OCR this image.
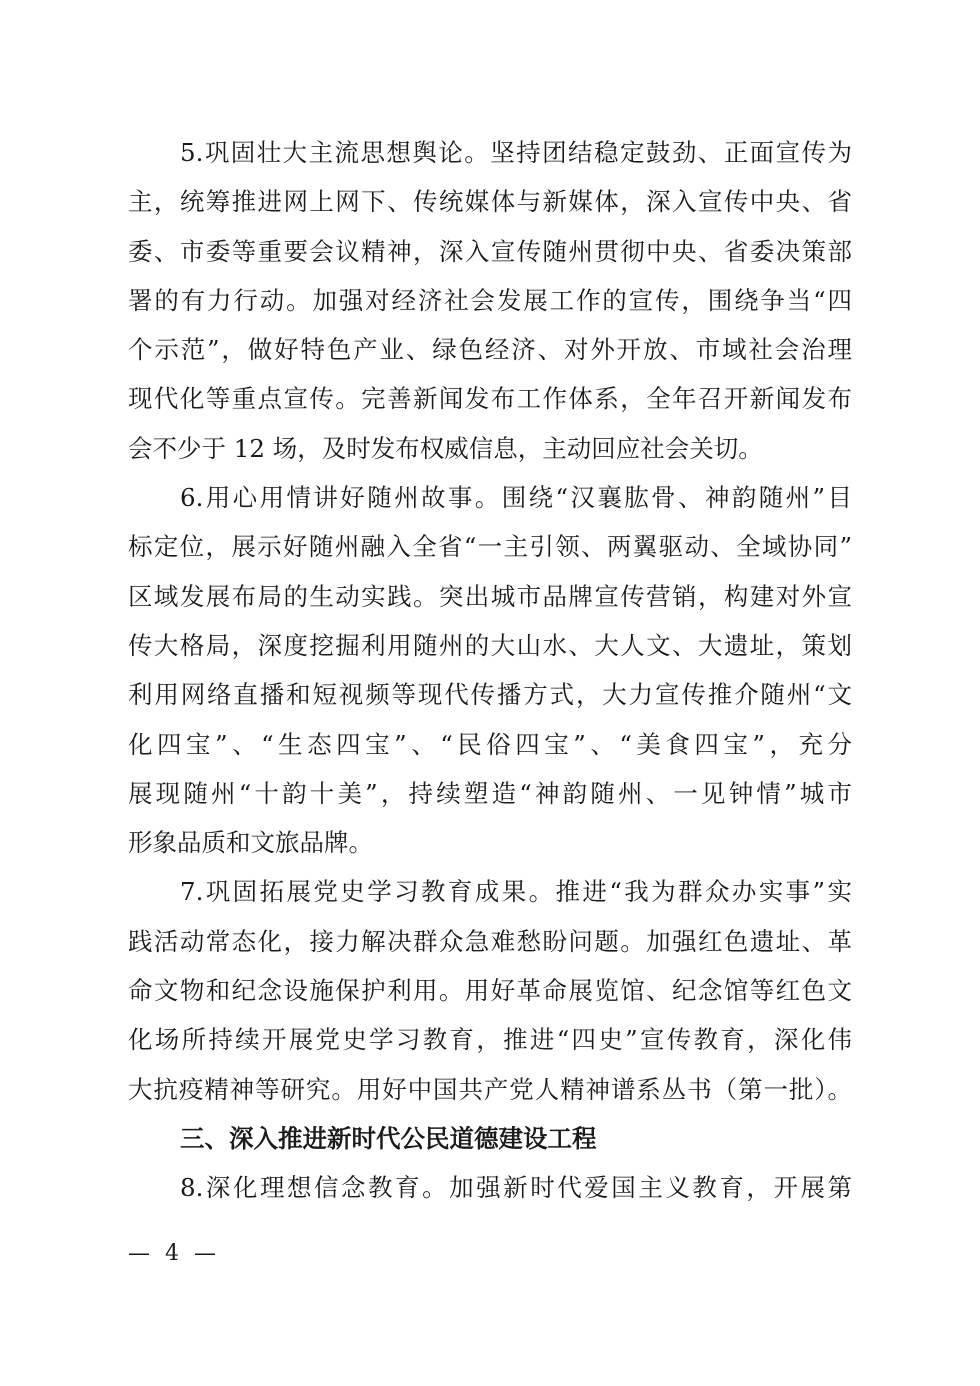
5.巩固壮大主流思想舆论。坚持团结稳定鼓劲、正面宣传为
主，统筹推进网上网下、传统媒体与新媒体，深入宣传中央、省
委、市委等重要会议精神，深入宣传随州贯彻中央、省委决策部
署的有力行动。加强对经济社会发展工作的宣传，围绕争当“四
个示范”，做好特色产业、绿色经济、对外开放、市域社会治理
现代化等重点宣传。完善新闻发布工作体系，全年召开新闻发布
会不少于 12 场，及时发布权威信息，主动回应社会关切。
6.用心用情讲好随州故事。围绕“汉襄肱骨、神韵随州”目
标定位，展示好随州融入全省“一主引领、两翼驱动、全域协同”
区域发展布局的生动实践。突出城市品牌宣传营销，构建对外宣
传大格局，深度挖掘利用随州的大山水、大人文、大遗址，策划
利用网络直播和短视频等现代传播方式，大力宣传推介随州“文
化四宝”、“生态四宝”、“民俗四宝”、“美食四宝”，充分
展现随州“十韵十美”，持续塑造“神韵随州、一见钟情”城市
形象品质和文旅品牌。
7.巩固拓展党史学习教育成果。推进“我为群众办实事”实
践活动常态化，接力解决群众急难愁盼问题。加强红色遗址、革
命文物和纪念设施保护利用。用好革命展览馆、纪念馆等红色文
化场所持续开展党史学习教育，推进“四史”宣传教育，深化伟
大抗疫精神等研究。用好中国共产党人精神谱系丛书（第一批）。
三、深入推进新时代公民道德建设工程
8.深化理想信念教育。加强新时代爱国主义教育，开展第
— 4 —
